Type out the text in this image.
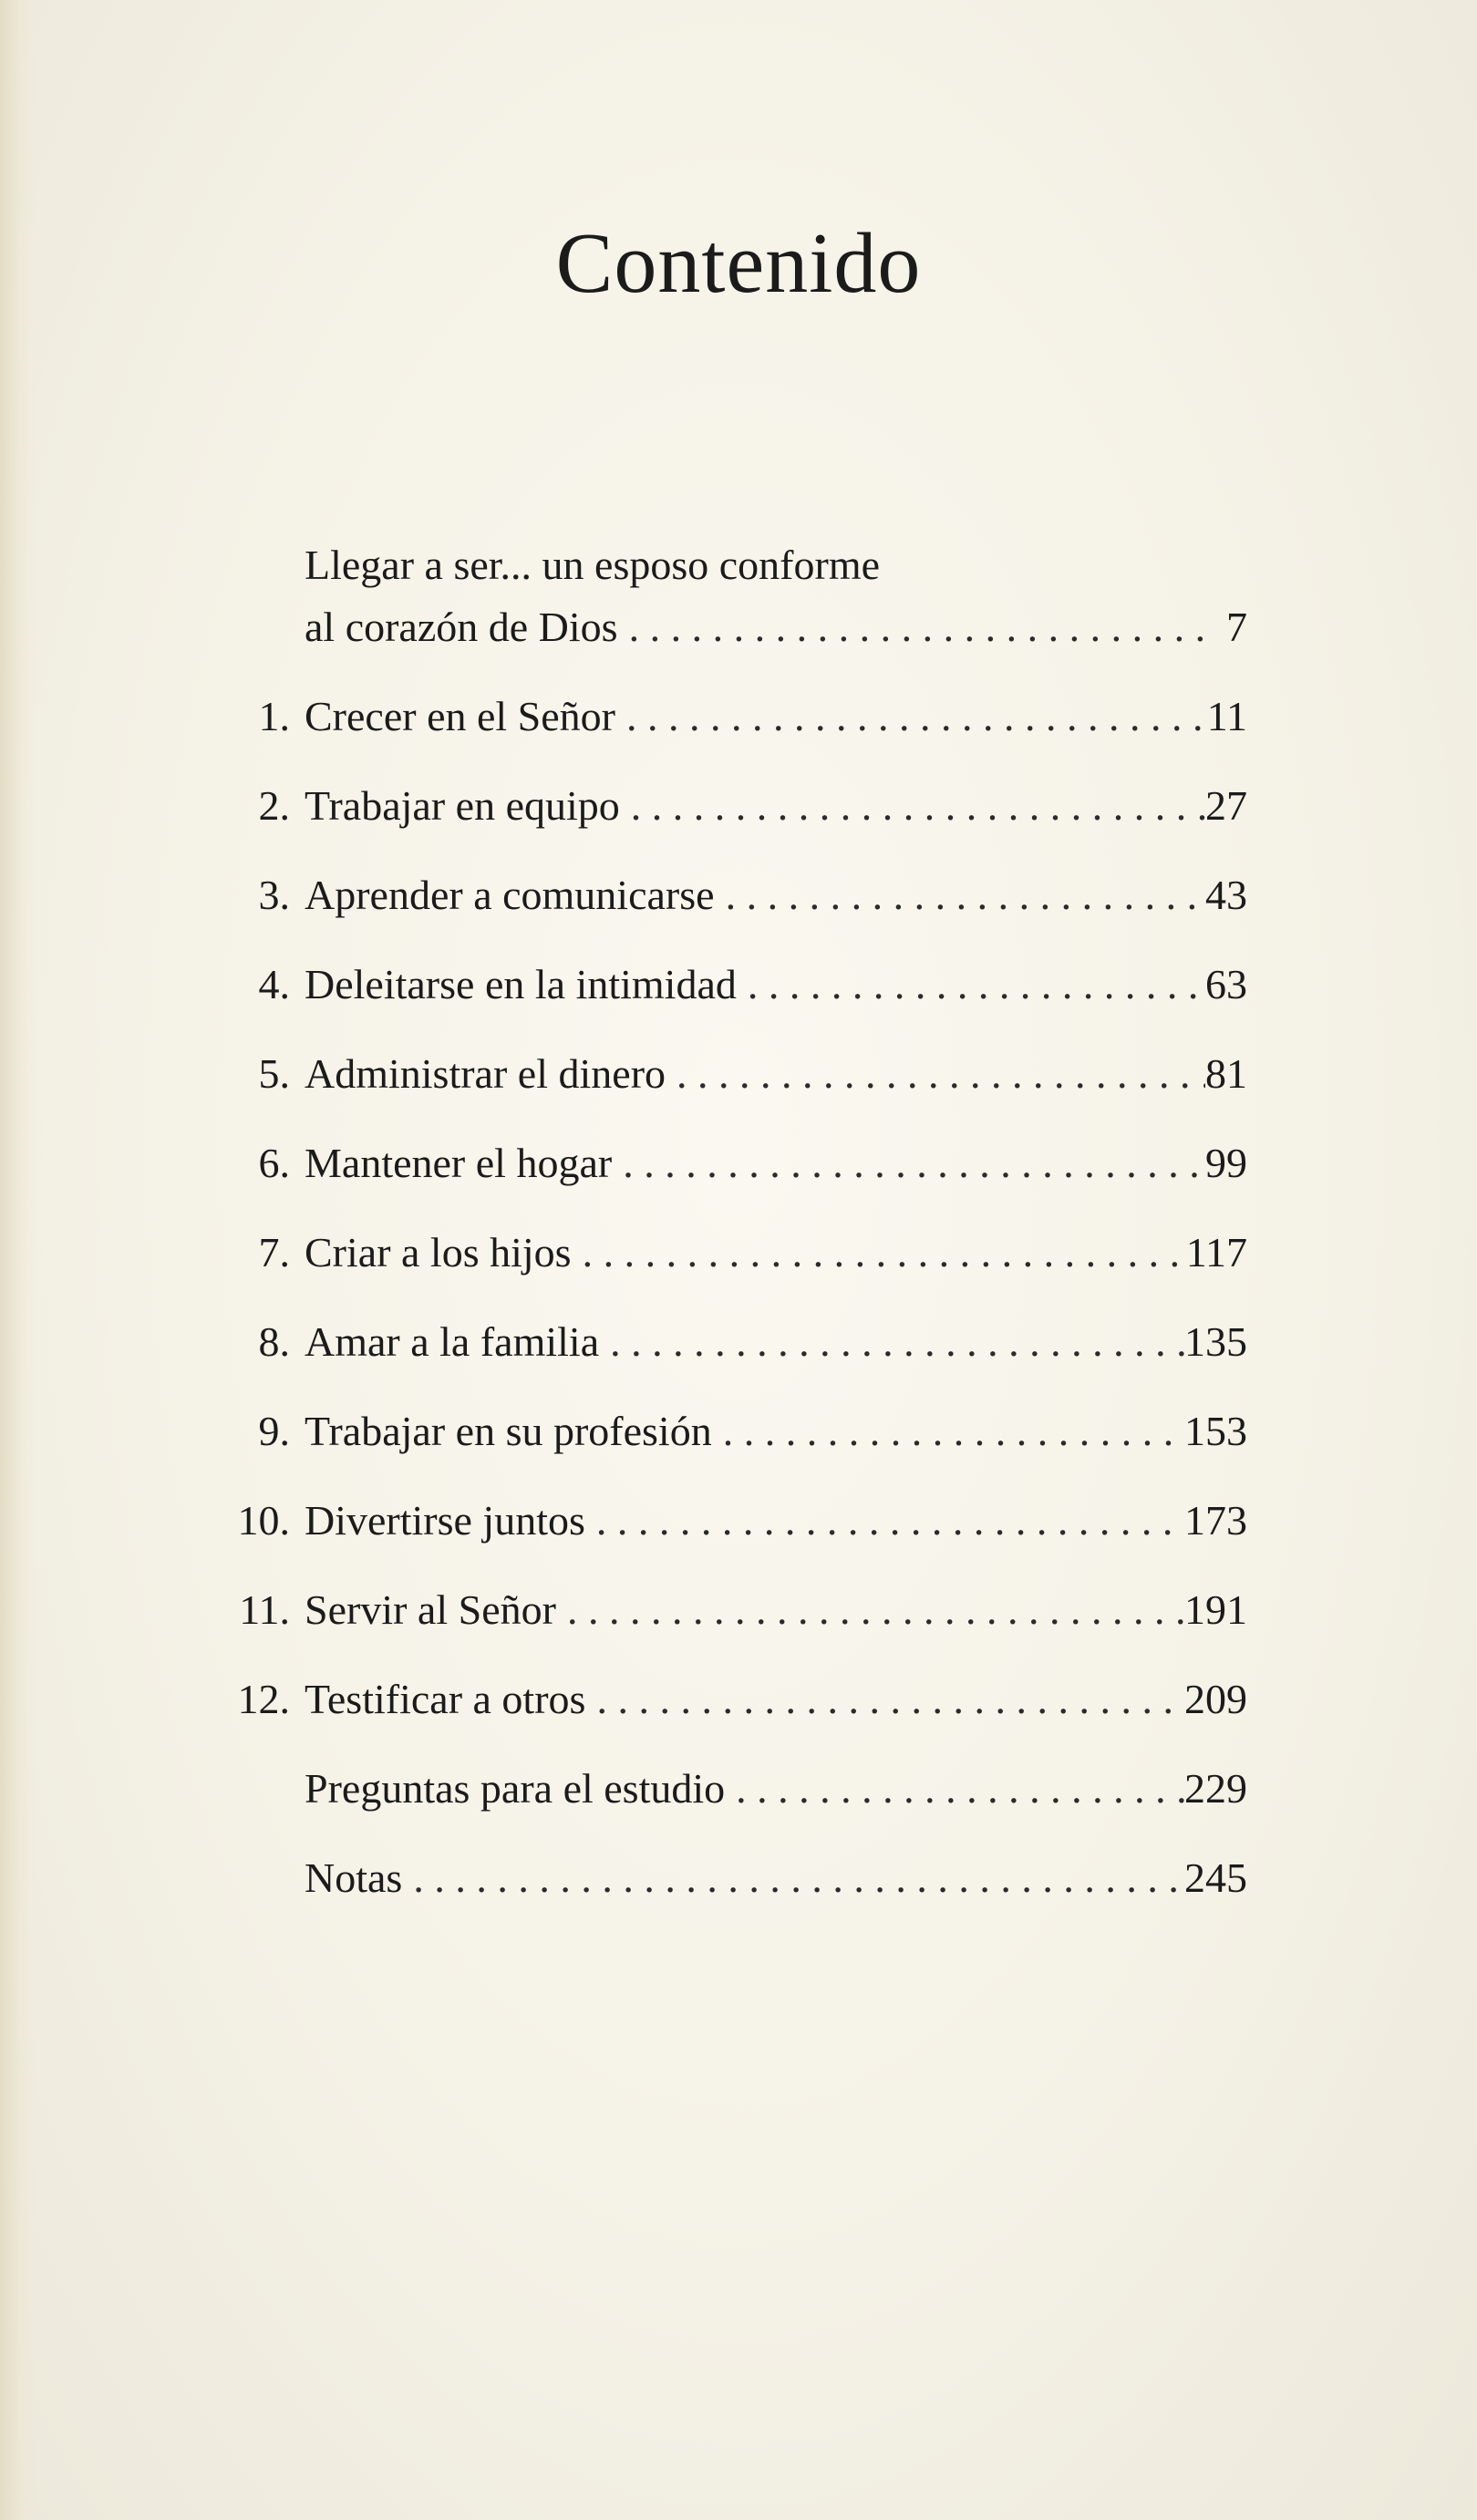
Contenido
Llegar a ser... un esposo conforme
al corazón de Dios . . .	7
1. Crecer en el Señor . . .	11
2. Trabajar en equipo . . .	27
3. Aprender a comunicarse . . .	43
4. Deleitarse en la intimidad . . .	63
5. Administrar el dinero . . .	81
6. Mantener el hogar . . .	99
7. Criar a los hijos . . .	117
8. Amar a la familia . . .	135
9. Trabajar en su profesión . . .	153
10. Divertirse juntos . . .	173
11. Servir al Señor . . .	191
12. Testificar a otros . . .	209
Preguntas para el estudio . . .	229
Notas . . .	245
